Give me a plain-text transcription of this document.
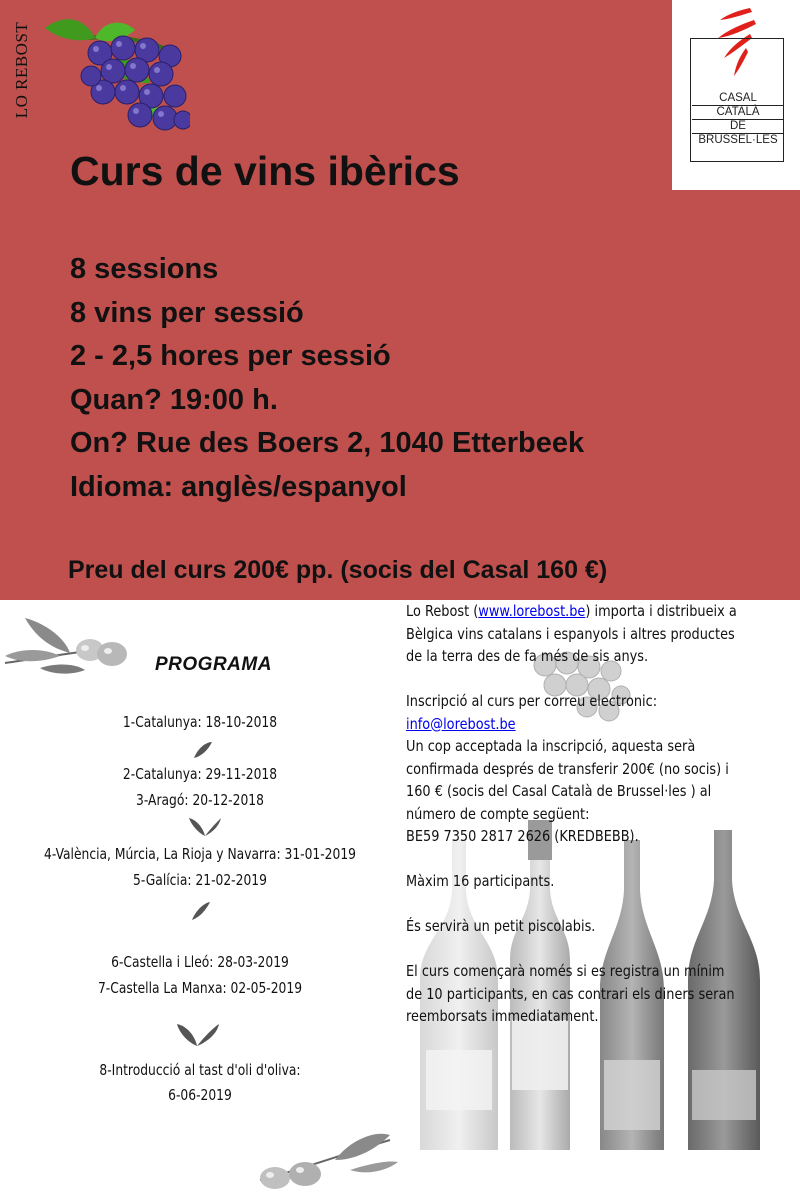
LO REBOST	CASAL
CATALÀ
DE
BRUSSEL·LES
Curs de vins ibèrics
8 sessions
8 vins per sessió
2 - 2,5 hores per sessió
Quan? 19:00 h.
On? Rue des Boers 2, 1040 Etterbeek
Idioma: anglès/espanyol

Preu del curs 200€ pp. (socis del Casal 160 €)

PROGRAMA
1-Catalunya: 18-10-2018
2-Catalunya: 29-11-2018
3-Aragó: 20-12-2018
4-València, Múrcia, La Rioja y Navarra: 31-01-2019
5-Galícia: 21-02-2019
6-Castella i Lleó: 28-03-2019
7-Castella La Manxa: 02-05-2019
8-Introducció al tast d'oli d'oliva:
6-06-2019

Lo Rebost (www.lorebost.be) importa i distribueix a

Bèlgica vins catalans i espanyols i altres productes

de la terra des de fa més de sis anys.

Inscripció al curs per correu electronic:

info@lorebost.be

Un cop acceptada la inscripció, aquesta serà

confirmada després de transferir 200€ (no socis) i

160 € (socis del Casal Català de Brussel·les ) al

número de compte següent:

BE59 7350 2817 2626 (KREDBEBB).

Màxim 16 participants.

És servirà un petit piscolabis.

El curs començarà només si es registra un mínim

de 10 participants, en cas contrari els diners seran

reemborsats immediatament.
